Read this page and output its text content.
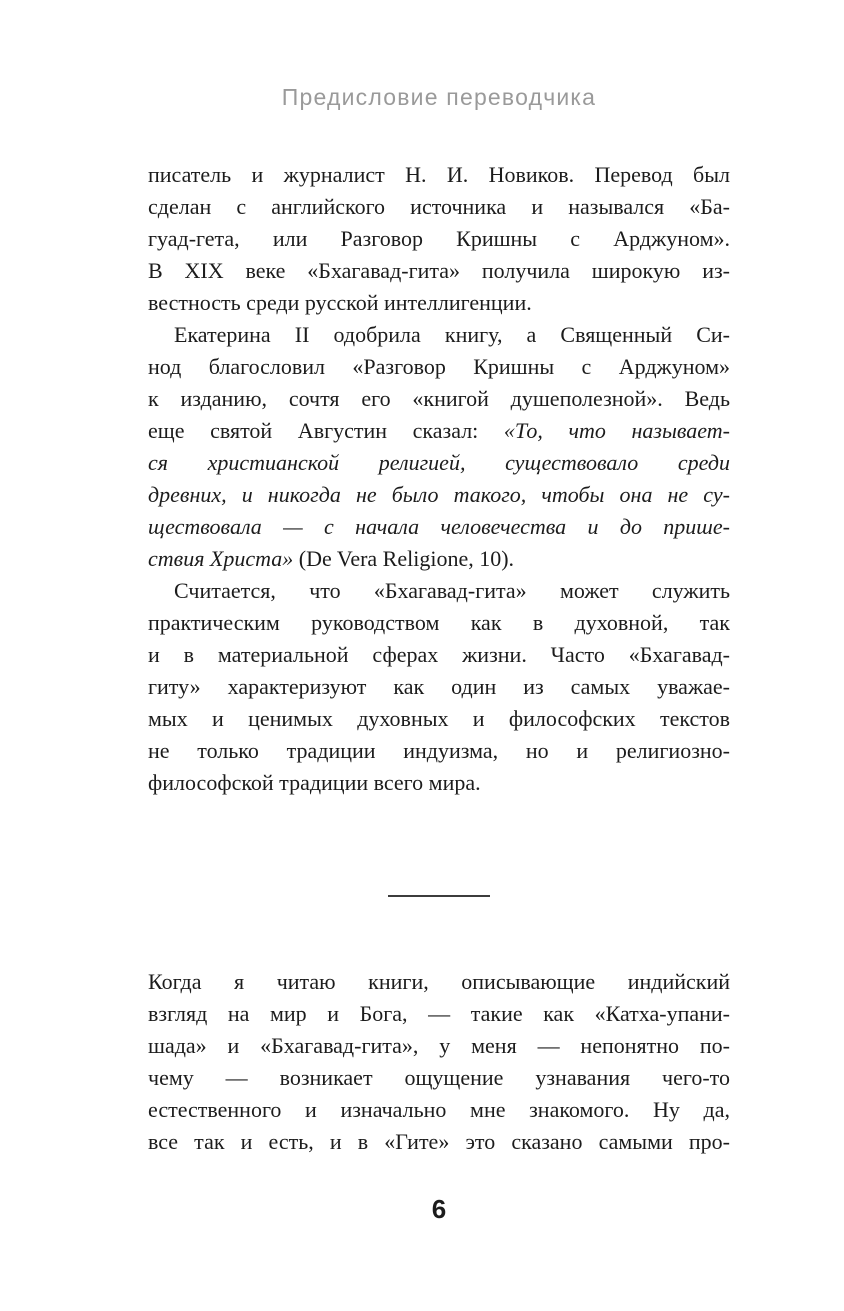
Предисловие переводчика
писатель и журналист Н. И. Новиков. Перевод был
сделан с английского источника и назывался «Ба-
гуад-гета, или Разговор Кришны с Арджуном».
В XIX веке «Бхагавад-гита» получила широкую из-
вестность среди русской интеллигенции.
Екатерина II одобрила книгу, а Священный Си-
нод благословил «Разговор Кришны с Арджуном»
к изданию, сочтя его «книгой душеполезной». Ведь
еще святой Августин сказал: «То, что называет-
ся христианской религией, существовало среди
древних, и никогда не было такого, чтобы она не су-
ществовала — с начала человечества и до прише-
ствия Христа» (De Vera Religione, 10).
Считается, что «Бхагавад-гита» может служить
практическим руководством как в духовной, так
и в материальной сферах жизни. Часто «Бхагавад-
гиту» характеризуют как один из самых уважае-
мых и ценимых духовных и философских текстов
не только традиции индуизма, но и религиозно-
философской традиции всего мира.
Когда я читаю книги, описывающие индийский
взгляд на мир и Бога, — такие как «Катха-упани-
шада» и «Бхагавад-гита», у меня — непонятно по-
чему — возникает ощущение узнавания чего-то
естественного и изначально мне знакомого. Ну да,
все так и есть, и в «Гите» это сказано самыми про-
6
